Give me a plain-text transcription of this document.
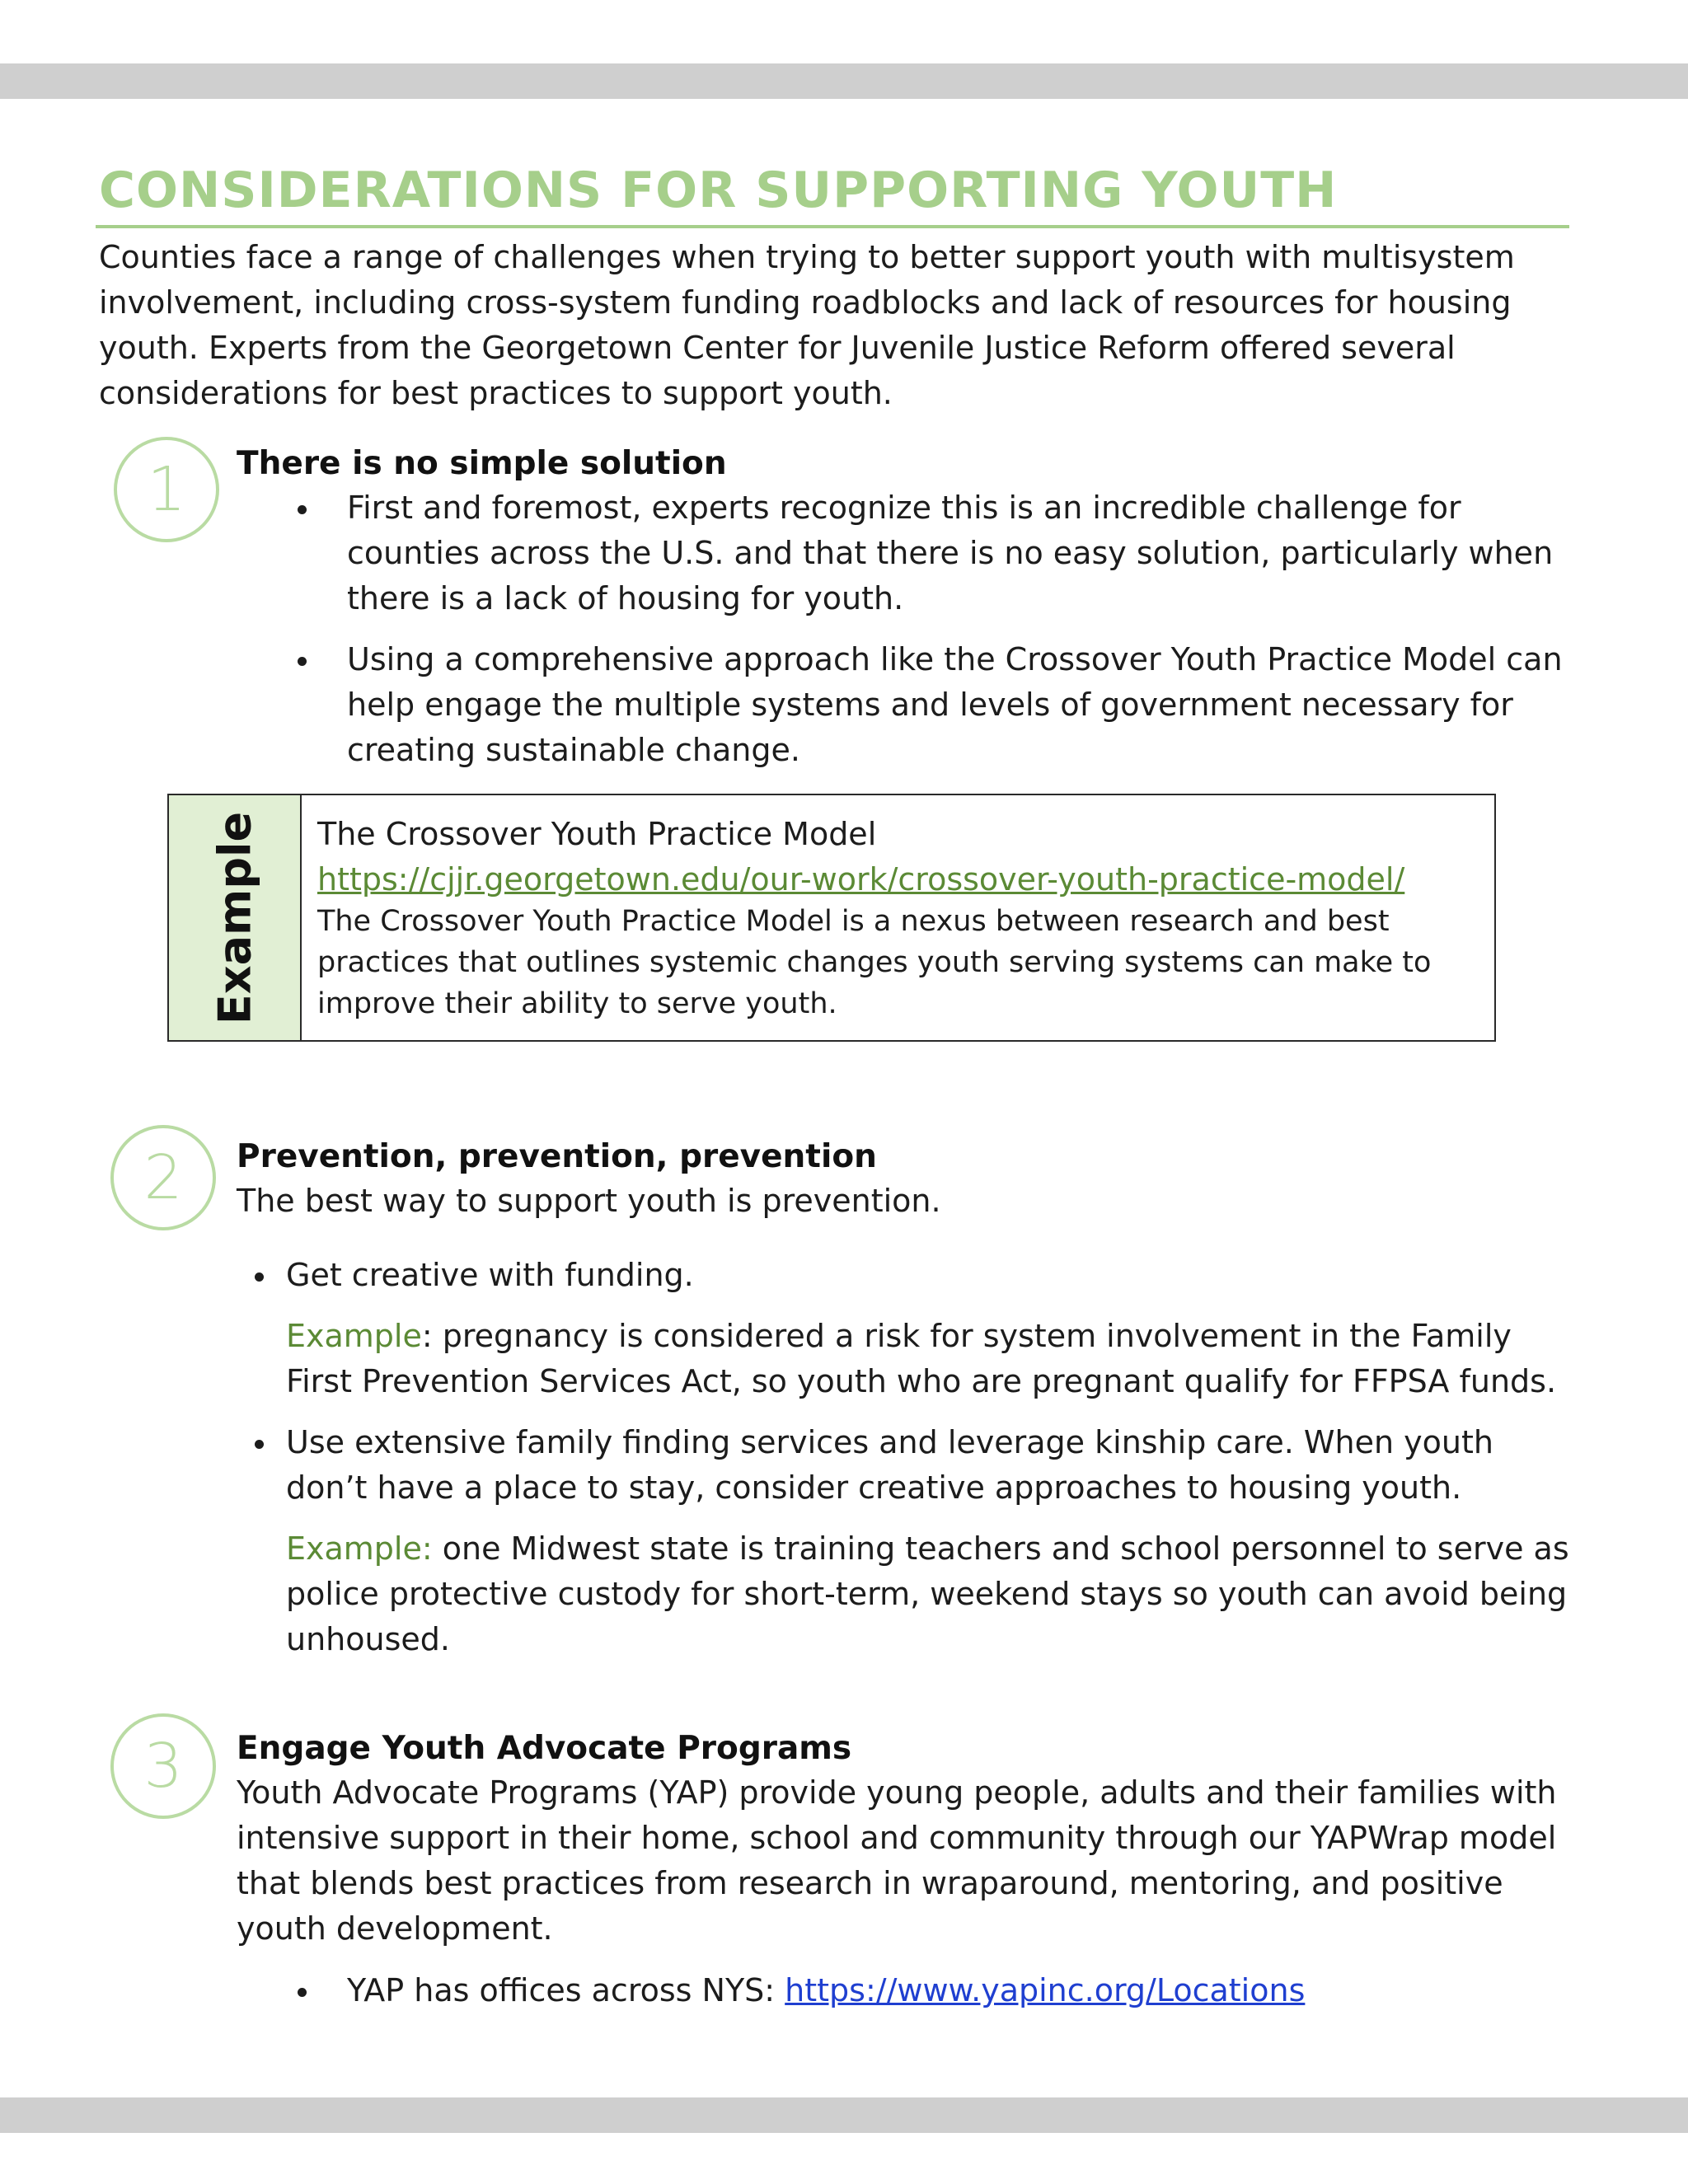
CONSIDERATIONS FOR SUPPORTING YOUTH

Counties face a range of challenges when trying to better support youth with multisystem involvement, including cross-system funding roadblocks and lack of resources for housing youth. Experts from the Georgetown Center for Juvenile Justice Reform offered several considerations for best practices to support youth.

1	There is no simple solution

First and foremost, experts recognize this is an incredible challenge for counties across the U.S. and that there is no easy solution, particularly when there is a lack of housing for youth.
Using a comprehensive approach like the Crossover Youth Practice Model can help engage the multiple systems and levels of government necessary for creating sustainable change.
Example The Crossover Youth Practice Model
https://cjjr.georgetown.edu/our-work/crossover-youth-practice-model/
The Crossover Youth Practice Model is a nexus between research and best practices that outlines systemic changes youth serving systems can make to improve their ability to serve youth.
2	Prevention, prevention, prevention

The best way to support youth is prevention.

Get creative with funding.
Example: pregnancy is considered a risk for system involvement in the Family First Prevention Services Act, so youth who are pregnant qualify for FFPSA funds.
Use extensive family finding services and leverage kinship care. When youth don’t have a place to stay, consider creative approaches to housing youth.
Example: one Midwest state is training teachers and school personnel to serve as police protective custody for short-term, weekend stays so youth can avoid being unhoused.
3	Engage Youth Advocate Programs

Youth Advocate Programs (YAP) provide young people, adults and their families with intensive support in their home, school and community through our YAPWrap model that blends best practices from research in wraparound, mentoring, and positive youth development.

YAP has offices across NYS: https://www.yapinc.org/Locations
